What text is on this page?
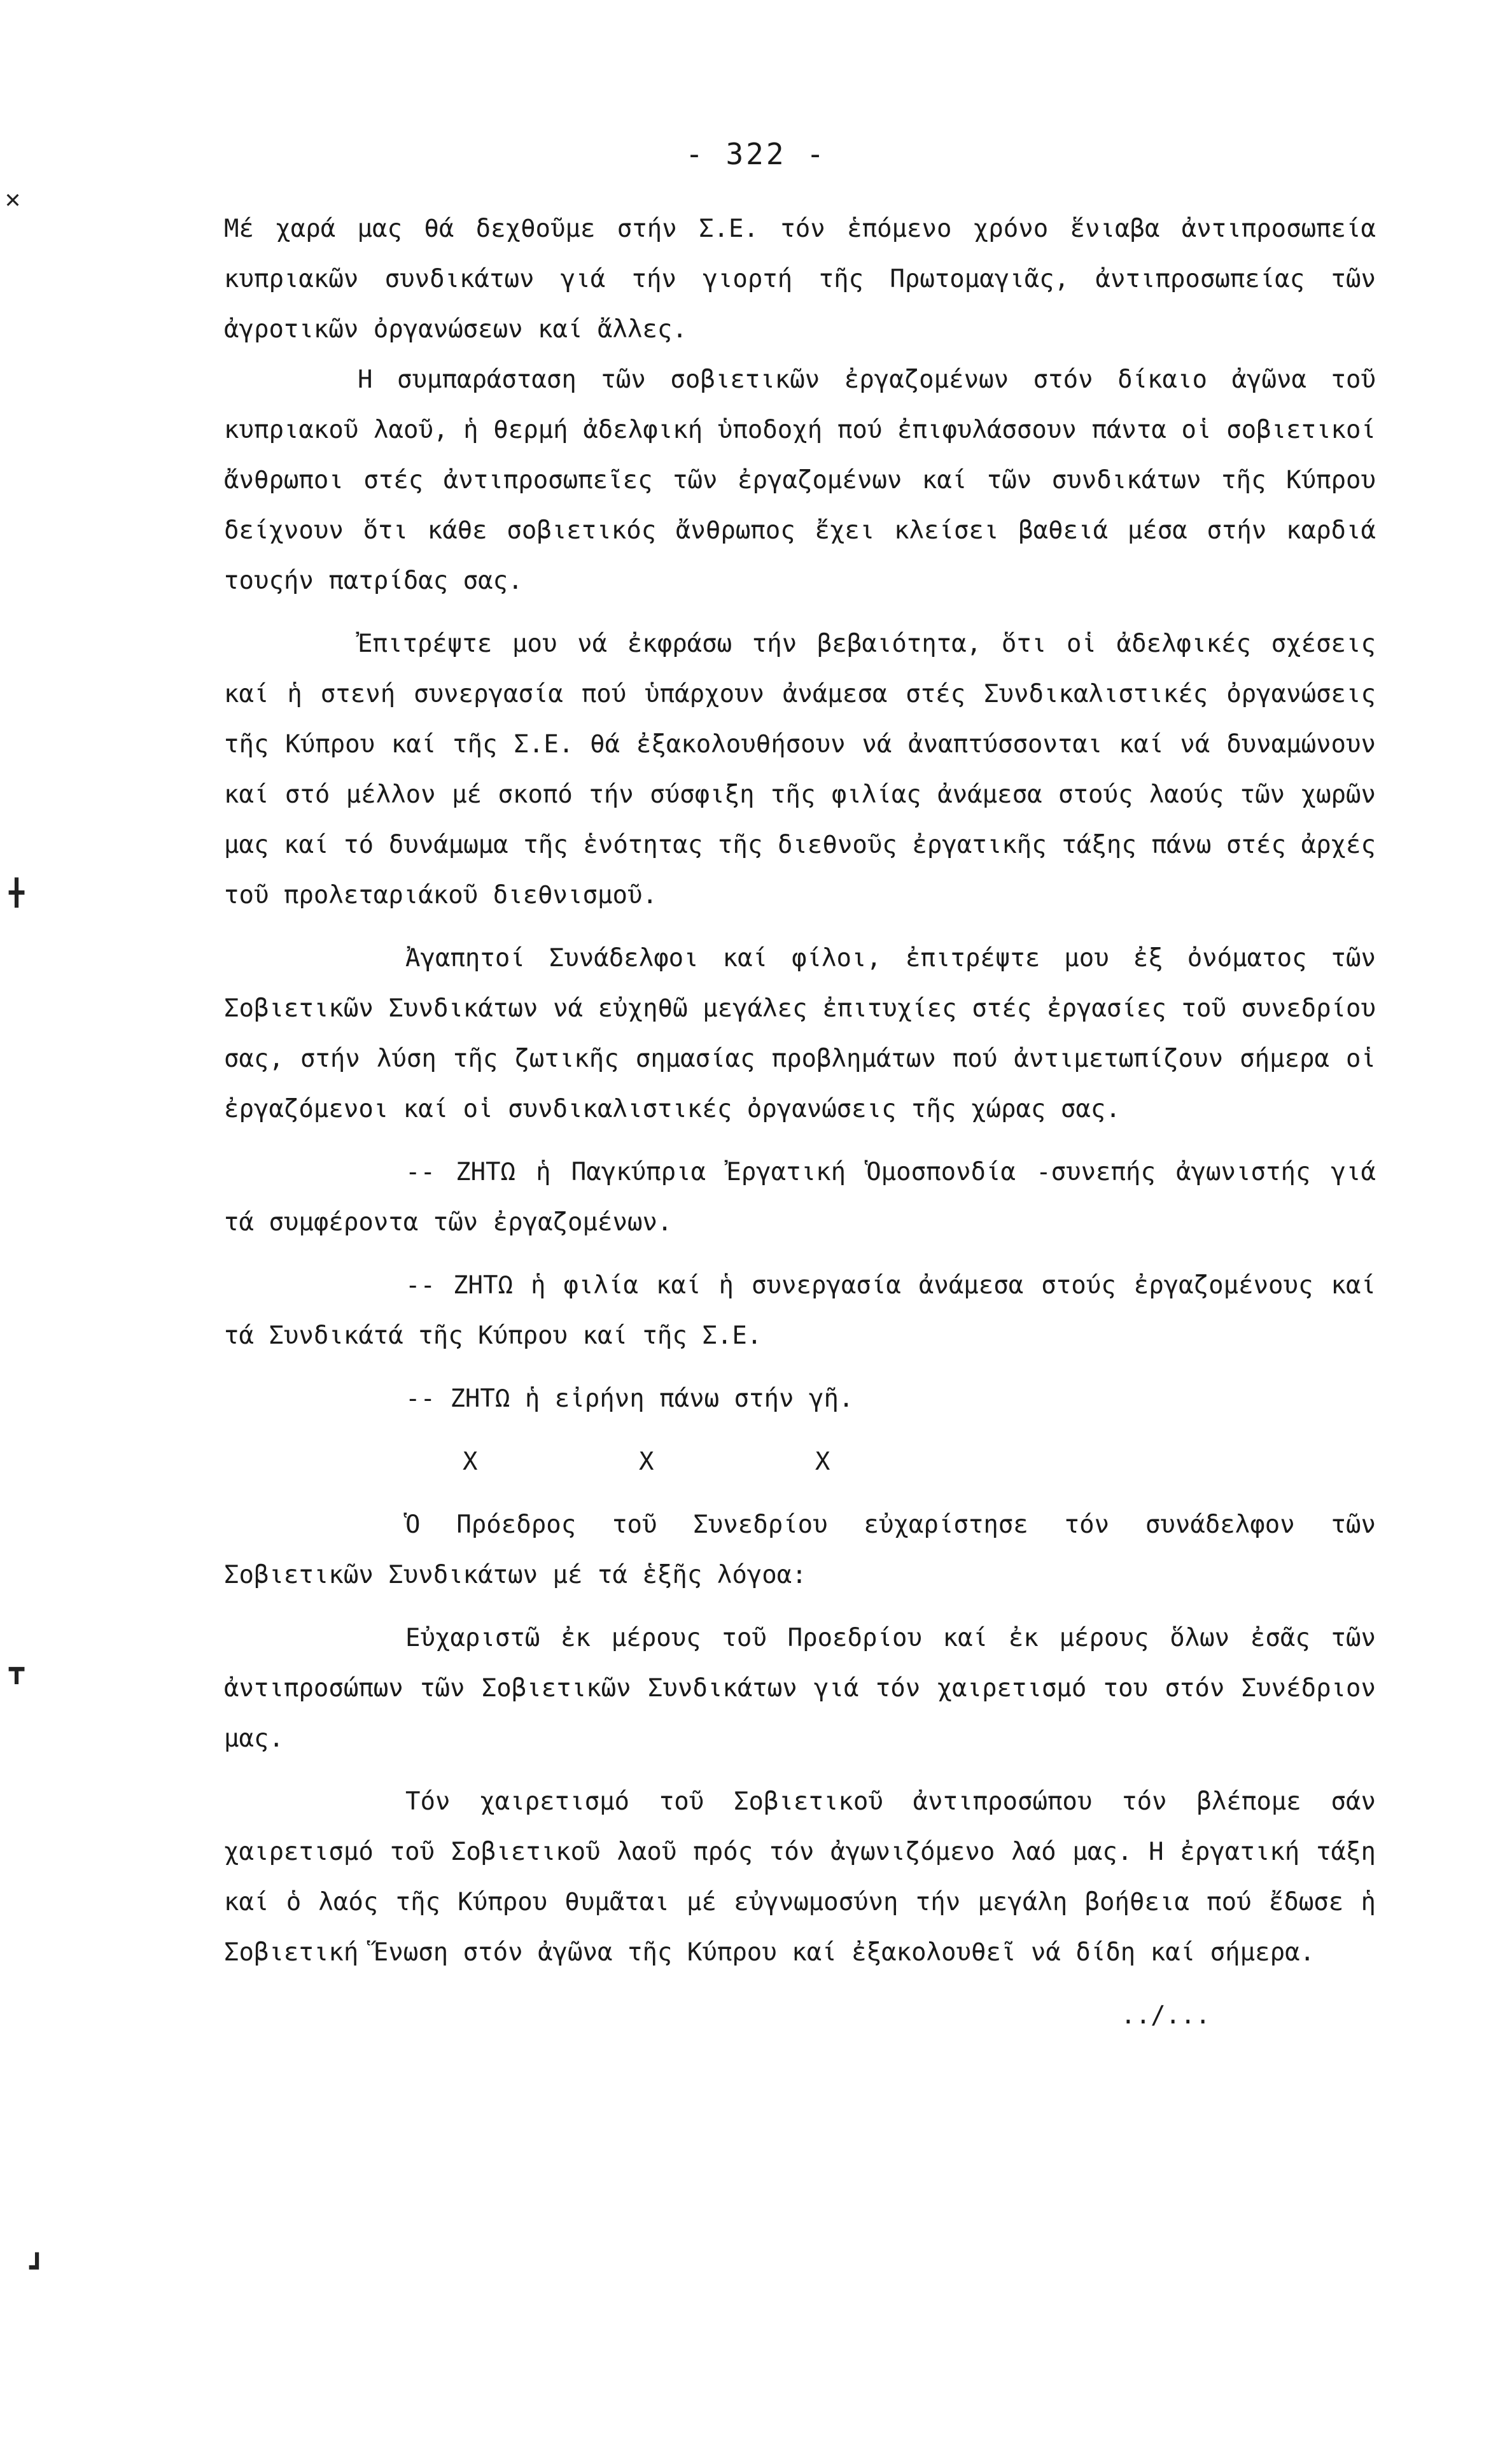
- 322 -
✕
╋
┳
┛

Μέ χαρά μας θά δεχθοῦμε στήν Σ.Ε. τόν ἑπόμενο χρόνο ἕνιαβα ἀντιπροσωπεία κυπριακῶν συνδικάτων γιά τήν γιορτή τῆς Πρωτομαγιᾶς, ἀντιπροσωπείας τῶν ἀγροτικῶν ὀργανώσεων καί ἄλλες.

Η συμπαράσταση τῶν σοβιετικῶν ἐργαζομένων στόν δίκαιο ἀγῶνα τοῦ κυπριακοῦ λαοῦ, ἡ θερμή ἀδελφική ὑποδοχή πού ἐπιφυλάσσουν πάντα οἱ σοβιετικοί ἄνθρωποι στές ἀντιπροσωπεῖες τῶν ἐργαζομένων καί τῶν συνδικάτων τῆς Κύπρου δείχνουν ὅτι κάθε σοβιετικός ἄνθρωπος ἔχει κλείσει βαθειά μέσα στήν καρδιά τουςήν πατρίδας σας.

Ἐπιτρέψτε μου νά ἐκφράσω τήν βεβαιότητα, ὅτι οἱ ἀδελφικές σχέσεις καί ἡ στενή συνεργασία πού ὑπάρχουν ἀνάμεσα στές Συνδικαλιστικές ὀργανώσεις τῆς Κύπρου καί τῆς Σ.Ε. θά ἐξακολουθήσουν νά ἀναπτύσσονται καί νά δυναμώνουν καί στό μέλλον μέ σκοπό τήν σύσφιξη τῆς φιλίας ἀνάμεσα στούς λαούς τῶν χωρῶν μας καί τό δυνάμωμα τῆς ἑνότητας τῆς διεθνοῦς ἐργατικῆς τάξης πάνω στές ἀρχές τοῦ προλεταριάκοῦ διεθνισμοῦ.

Ἀγαπητοί Συνάδελφοι καί φίλοι, ἐπιτρέψτε μου ἐξ ὀνόματος τῶν Σοβιετικῶν Συνδικάτων νά εὐχηθῶ μεγάλες ἐπιτυχίες στές ἐργασίες τοῦ συνεδρίου σας, στήν λύση τῆς ζωτικῆς σημασίας προβλημάτων πού ἀντιμετωπίζουν σήμερα οἱ ἐργαζόμενοι καί οἱ συνδικαλιστικές ὀργανώσεις τῆς χώρας σας.

-- ΖΗΤΩ ἡ Παγκύπρια Ἐργατική Ὁμοσπονδία -συνεπής ἀγωνιστής γιά τά συμφέροντα τῶν ἐργαζομένων.

-- ΖΗΤΩ ἡ φιλία καί ἡ συνεργασία ἀνάμεσα στούς ἐργαζομένους καί τά Συνδικάτά τῆς Κύπρου καί τῆς Σ.Ε.

-- ΖΗΤΩ ἡ εἰρήνη πάνω στήν γῆ.

Χ Χ Χ

Ὁ Πρόεδρος τοῦ Συνεδρίου εὐχαρίστησε τόν συνάδελφον τῶν Σοβιετικῶν Συνδικάτων μέ τά ἑξῆς λόγοα:

Εὐχαριστῶ ἐκ μέρους τοῦ Προεδρίου καί ἐκ μέρους ὅλων ἐσᾶς τῶν ἀντιπροσώπων τῶν Σοβιετικῶν Συνδικάτων γιά τόν χαιρετισμό του στόν Συνέδριον μας.

Τόν χαιρετισμό τοῦ Σοβιετικοῦ ἀντιπροσώπου τόν βλέπομε σάν χαιρετισμό τοῦ Σοβιετικοῦ λαοῦ πρός τόν ἀγωνιζόμενο λαό μας. Η ἐργατική τάξη καί ὁ λαός τῆς Κύπρου θυμᾶται μέ εὐγνωμοσύνη τήν μεγάλη βοήθεια πού ἔδωσε ἡ Σοβιετική Ἕνωση στόν ἀγῶνα τῆς Κύπρου καί ἐξακολουθεῖ νά δίδη καί σήμερα.

../...
